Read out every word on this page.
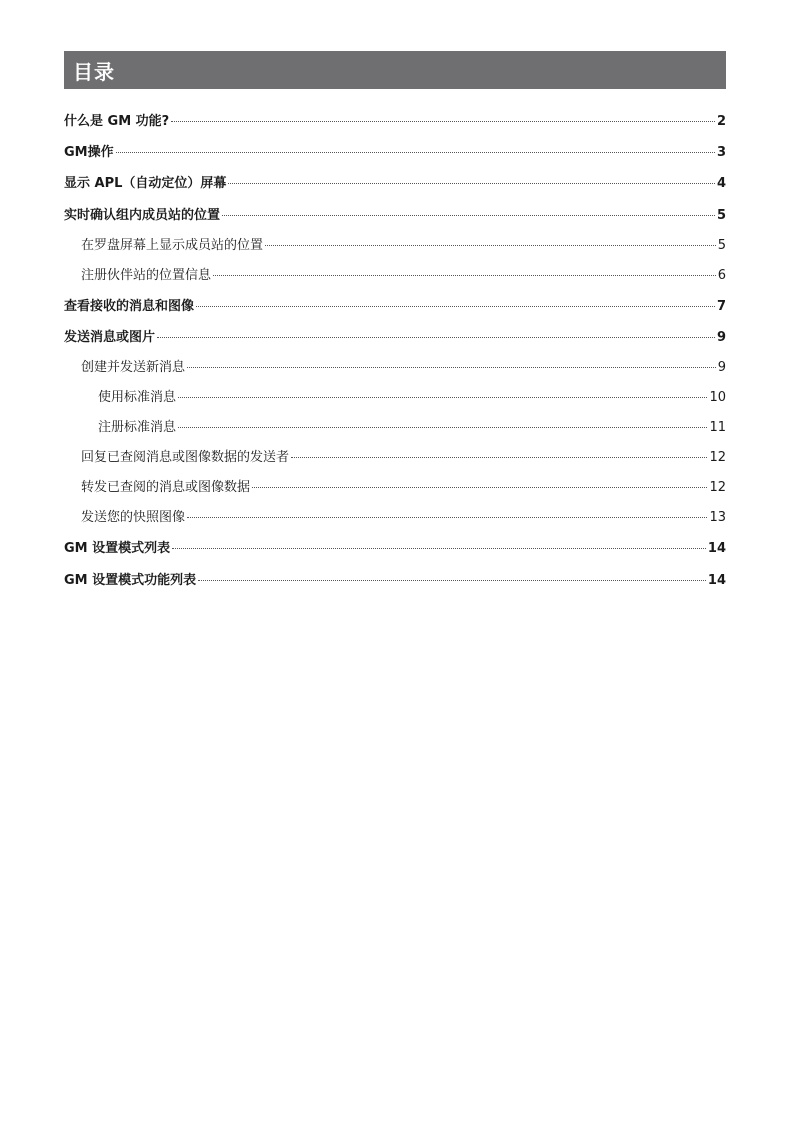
目录
什么是 GM 功能?	2
GM操作	3
显示 APL（自动定位）屏幕	4
实时确认组内成员站的位置	5
在罗盘屏幕上显示成员站的位置	5
注册伙伴站的位置信息	6
查看接收的消息和图像	7
发送消息或图片	9
创建并发送新消息	9
使用标准消息	10
注册标准消息	11
回复已查阅消息或图像数据的发送者	12
转发已查阅的消息或图像数据	12
发送您的快照图像	13
GM 设置模式列表	14
GM 设置模式功能列表	14
